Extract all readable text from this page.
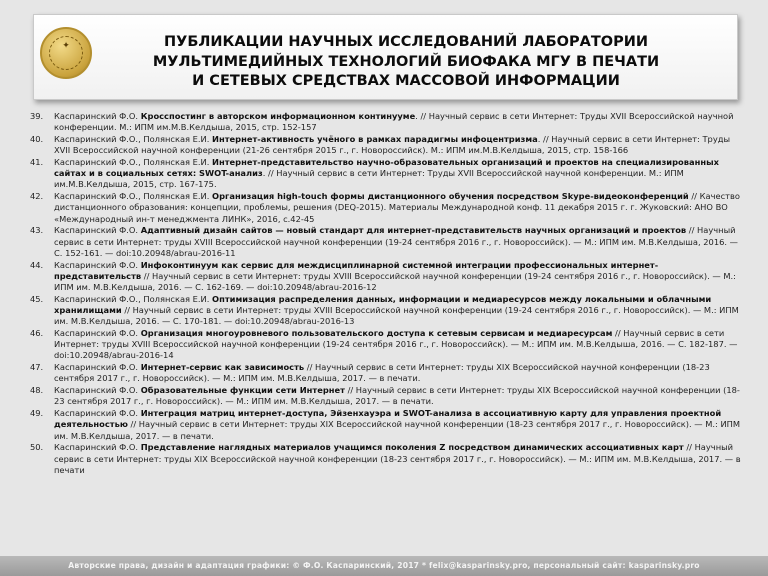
✦	ПУБЛИКАЦИИ НАУЧНЫХ ИССЛЕДОВАНИЙ ЛАБОРАТОРИИ
МУЛЬТИМЕДИЙНЫХ ТЕХНОЛОГИЙ БИОФАКА МГУ В ПЕЧАТИ
И СЕТЕВЫХ СРЕДСТВАХ МАССОВОЙ ИНФОРМАЦИИ
39.	Каспаринский Ф.О. Кросспостинг в авторском информационном континууме. // Научный сервис в сети Интернет: Труды XVII Всероссийской научной конференции. М.: ИПМ им.М.В.Келдыша, 2015, стр. 152-157
40.	Каспаринский Ф.О., Полянская Е.И. Интернет-активность учёного в рамках парадигмы инфоцентризма. // Научный сервис в сети Интернет: Труды XVII Всероссийской научной конференции (21-26 сентября 2015 г., г. Новороссийск). М.: ИПМ им.М.В.Келдыша, 2015, стр. 158-166
41.	Каспаринский Ф.О., Полянская Е.И. Интернет-представительство научно-образовательных организаций и проектов на специализированных сайтах и в социальных сетях: SWOT-анализ. // Научный сервис в сети Интернет: Труды XVII Всероссийской научной конференции. М.: ИПМ им.М.В.Келдыша, 2015, стр. 167-175.
42.	Каспаринский Ф.О., Полянская Е.И. Организация high-touch формы дистанционного обучения посредством Skype-видеоконференций // Качество дистанционного образования: концепции, проблемы, решения (DEQ-2015). Материалы Международной конф. 11 декабря 2015 г. г. Жуковский: АНО ВО «Международный ин-т менеджмента ЛИНК», 2016, с.42-45
43.	Каспаринский Ф.О. Адаптивный дизайн сайтов — новый стандарт для интернет-представительств научных организаций и проектов // Научный сервис в сети Интернет: труды XVIII Всероссийской научной конференции (19-24 сентября 2016 г., г. Новороссийск). — М.: ИПМ им. М.В.Келдыша, 2016. — С. 152-161. — doi:10.20948/abrau-2016-11
44.	Каспаринский Ф.О. Инфоконтинуум как сервис для междисциплинарной системной интеграции профессиональных интернет-представительств // Научный сервис в сети Интернет: труды XVIII Всероссийской научной конференции (19-24 сентября 2016 г., г. Новороссийск). — М.: ИПМ им. М.В.Келдыша, 2016. — С. 162-169. — doi:10.20948/abrau-2016-12
45.	Каспаринский Ф.О., Полянская Е.И. Оптимизация распределения данных, информации и медиаресурсов между локальными и облачными хранилищами // Научный сервис в сети Интернет: труды XVIII Всероссийской научной конференции (19-24 сентября 2016 г., г. Новороссийск). — М.: ИПМ им. М.В.Келдыша, 2016. — С. 170-181. — doi:10.20948/abrau-2016-13
46.	Каспаринский Ф.О. Организация многоуровневого пользовательского доступа к сетевым сервисам и медиаресурсам // Научный сервис в сети Интернет: труды XVIII Всероссийской научной конференции (19-24 сентября 2016 г., г. Новороссийск). — М.: ИПМ им. М.В.Келдыша, 2016. — С. 182-187. — doi:10.20948/abrau-2016-14
47.	Каспаринский Ф.О. Интернет-сервис как зависимость // Научный сервис в сети Интернет: труды XIX Всероссийской научной конференции (18-23 сентября 2017 г., г. Новороссийск). — М.: ИПМ им. М.В.Келдыша, 2017. — в печати.
48.	Каспаринский Ф.О. Образовательные функции сети Интернет // Научный сервис в сети Интернет: труды XIX Всероссийской научной конференции (18-23 сентября 2017 г., г. Новороссийск). — М.: ИПМ им. М.В.Келдыша, 2017. — в печати.
49.	Каспаринский Ф.О. Интеграция матриц интернет-доступа, Эйзенхауэра и SWOT-анализа в ассоциативную карту для управления проектной деятельностью // Научный сервис в сети Интернет: труды XIX Всероссийской научной конференции (18-23 сентября 2017 г., г. Новороссийск). — М.: ИПМ им. М.В.Келдыша, 2017. — в печати.
50.	Каспаринский Ф.О. Представление наглядных материалов учащимся поколения Z посредством динамических ассоциативных карт // Научный сервис в сети Интернет: труды XIX Всероссийской научной конференции (18-23 сентября 2017 г., г. Новороссийск). — М.: ИПМ им. М.В.Келдыша, 2017. — в печати
Авторские права, дизайн и адаптация графики: © Ф.О. Каспаринский, 2017 * felix@kasparinsky.pro, персональный сайт: kasparinsky.pro
